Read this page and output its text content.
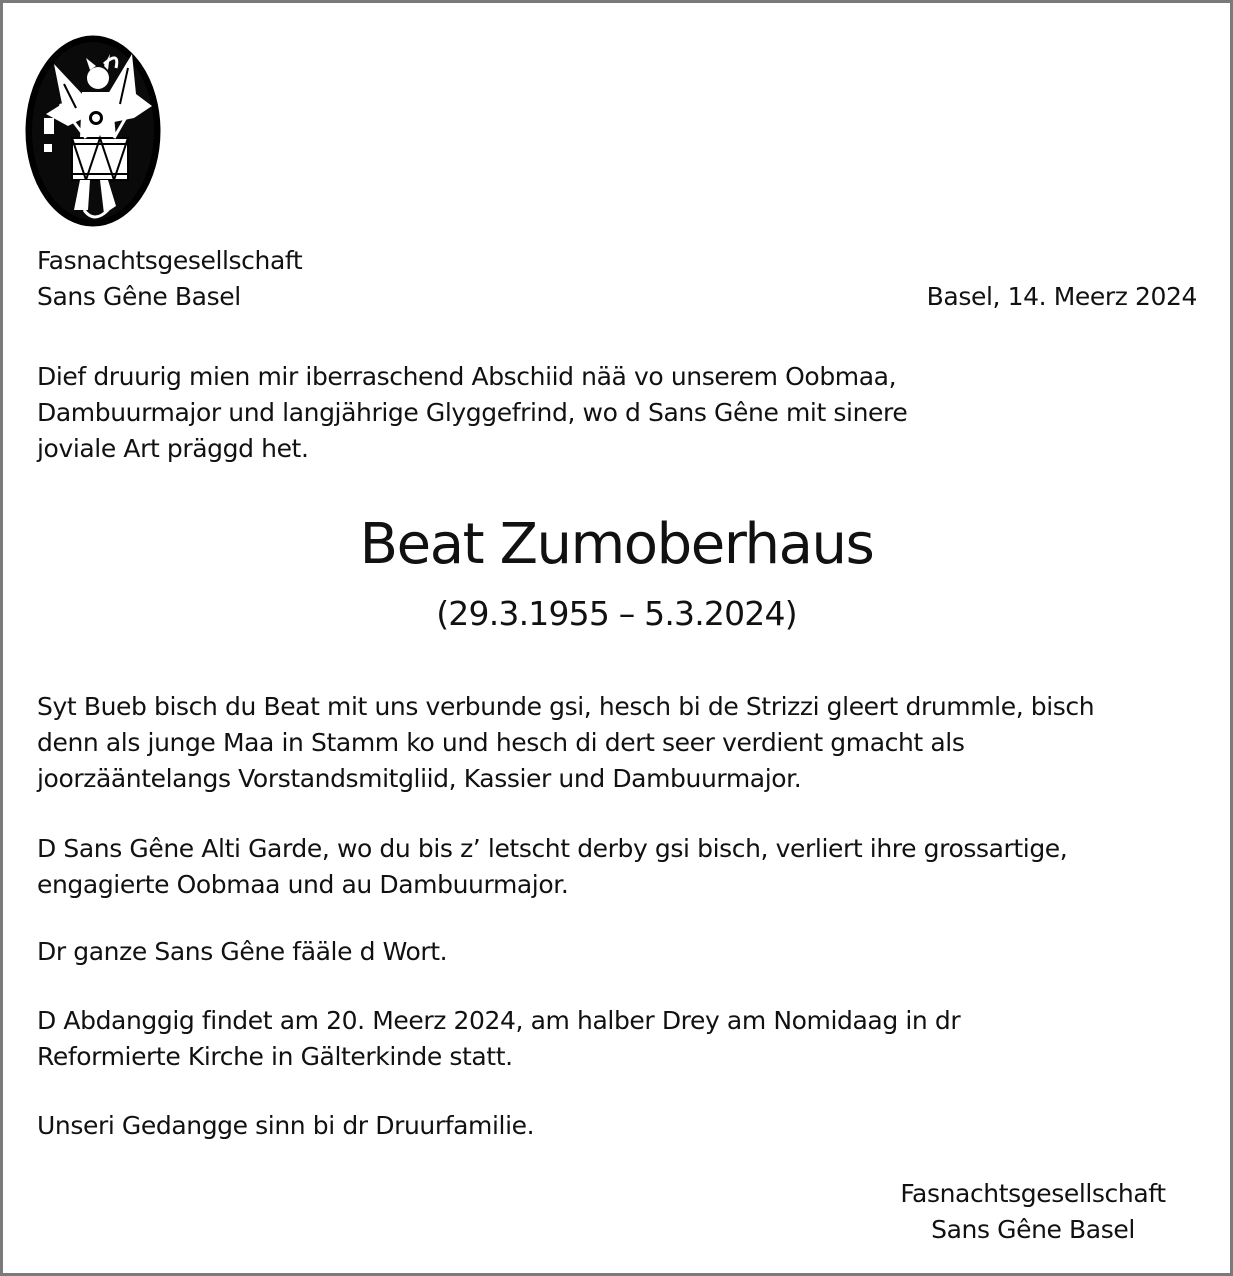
Fasnachtsgesellschaft
Sans Gêne Basel	Basel, 14. Meerz 2024

Dief druurig mien mir iberraschend Abschiid nää vo unserem Oobmaa,

Dambuurmajor und langjährige Glyggefrind, wo d Sans Gêne mit sinere

joviale Art präggd het.

Beat Zumoberhaus
(29.3.1955 – 5.3.2024)

Syt Bueb bisch du Beat mit uns verbunde gsi, hesch bi de Strizzi gleert drummle, bisch

denn als junge Maa in Stamm ko und hesch di dert seer verdient gmacht als

joorzääntelangs Vorstandsmitgliid, Kassier und Dambuurmajor.

D Sans Gêne Alti Garde, wo du bis z’ letscht derby gsi bisch, verliert ihre grossartige,

engagierte Oobmaa und au Dambuurmajor.

Dr ganze Sans Gêne fääle d Wort.

D Abdanggig findet am 20. Meerz 2024, am halber Drey am Nomidaag in dr

Reformierte Kirche in Gälterkinde statt.

Unseri Gedangge sinn bi dr Druurfamilie.

Fasnachtsgesellschaft
Sans Gêne Basel
